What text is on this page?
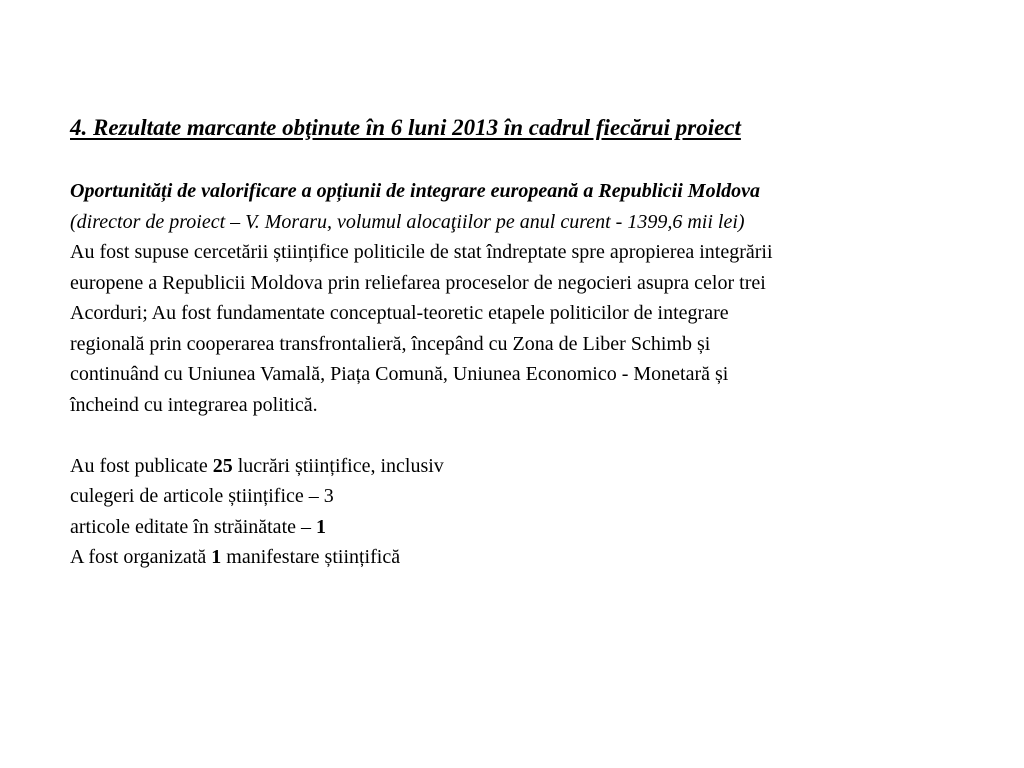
4. Rezultate marcante obţinute în 6 luni 2013 în cadrul fiecărui proiect
Oportunități de valorificare a opțiunii de integrare europeană a Republicii Moldova
(director de proiect – V. Moraru, volumul alocaţiilor pe anul curent - 1399,6 mii lei)
Au fost supuse cercetării științifice politicile de stat îndreptate spre apropierea integrării
europene a Republicii Moldova prin reliefarea proceselor de negocieri asupra celor trei
Acorduri; Au fost fundamentate conceptual-teoretic etapele politicilor de integrare
regională prin cooperarea transfrontalieră, începând cu Zona de Liber Schimb și
continuând cu Uniunea Vamală, Piața Comună, Uniunea Economico - Monetară și
încheind cu integrarea politică.
Au fost publicate 25 lucrări științifice, inclusiv
culegeri de articole științifice – 3
articole editate în străinătate – 1
A fost organizată 1 manifestare științifică
